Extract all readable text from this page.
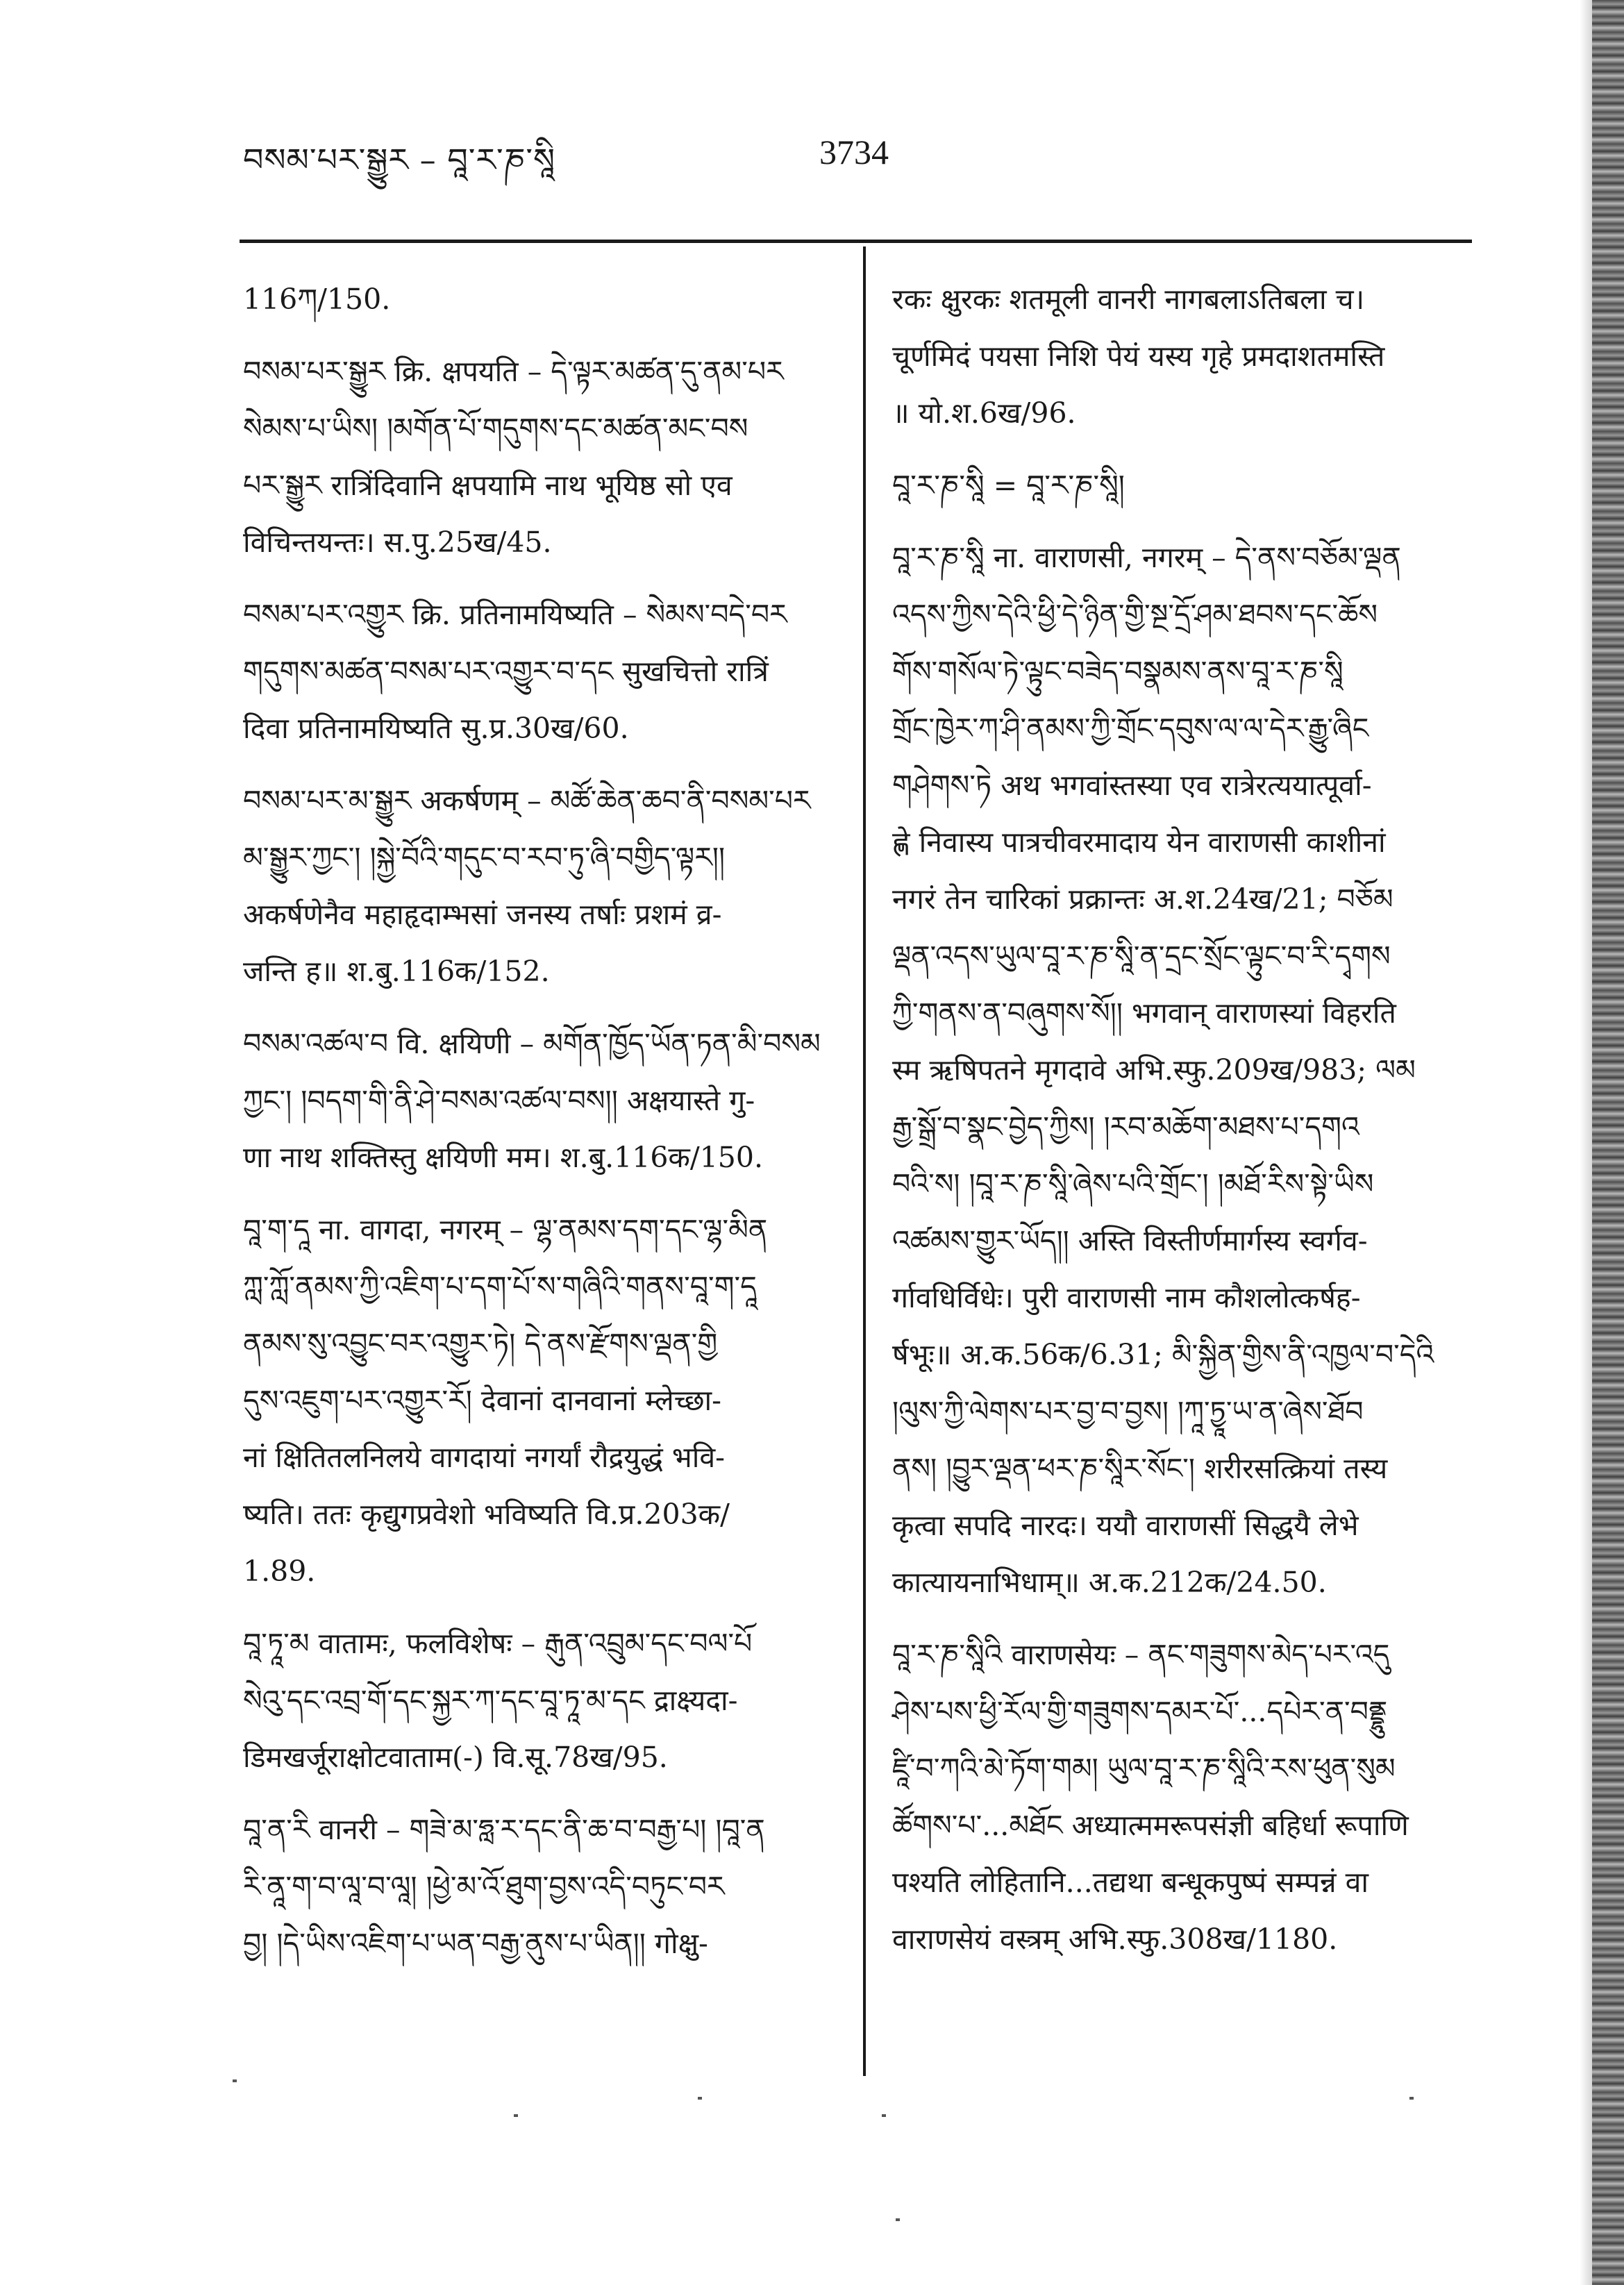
བསམ་པར་སྒྱུར – བཱ་ར་ཎ་སཱི	3734
116ཀ/150.
བསམ་པར་སྒྱུར क्रि. क्षपयति – དེ་ལྟར་མཚན་དུ་ནམ་པར
སེམས་པ་ཡིས། །མགོན་པོ་གདུགས་དང་མཚན་མང་བས
པར་སྒྱུར रात्रिंदिवानि क्षपयामि नाथ भूयिष्ठ सो एव
विचिन्तयन्तः। स.पु.25ख/45.
བསམ་པར་འགྱུར क्रि. प्रतिनामयिष्यति – སེམས་བདེ་བར
གདུགས་མཚན་བསམ་པར་འགྱུར་བ་དང सुखचित्तो रात्रिं
दिवा प्रतिनामयिष्यति सु.प्र.30ख/60.
བསམ་པར་མ་སྒྱུར अकर्षणम् – མཚོ་ཆེན་ཆབ་ནི་བསམ་པར
མ་སྒྱུར་ཀྱང་། །སྐྱེ་བོའི་གདུང་བ་རབ་ཏུ་ཞི་བགྱིད་ལྟར།།
अकर्षणेनैव महाहृदाम्भसां जनस्य तर्षाः प्रशमं व्र-
जन्ति ह॥ श.बु.116क/152.
བསམ་འཚལ་བ वि. क्षयिणी – མགོན་ཁྱོད་ཡོན་ཏན་མི་བསམ
ཀྱང་། །བདག་གི་ནི་ཤེ་བསམ་འཚལ་བས།། अक्षयास्ते गु-
णा नाथ शक्तिस्तु क्षयिणी मम। श.बु.116क/150.
བཱ་ག་དཱ ना. वागदा, नगरम् – ལྷ་ནམས་དག་དང་ལྷ་མིན
ཀླ་ཀློ་ནམས་ཀྱི་འཇིག་པ་དག་པོ་ས་གཞིའི་གནས་བཱ་ག་དཱ
ནམས་སུ་འབྱུང་བར་འགྱུར་ཏེ། དེ་ནས་རྫོགས་ལྡན་གྱི
དུས་འཇུག་པར་འགྱུར་རོ། देवानां दानवानां म्लेच्छा-
नां क्षितितलनिलये वागदायां नगर्यां रौद्रयुद्धं भवि-
ष्यति। ततः कृद्युगप्रवेशो भविष्यति वि.प्र.203क/
1.89.
བཱ་ཏཱ་མ वातामः, फलविशेषः – རྒུན་འབྲུམ་དང་བལ་པོ
སེའུ་དང་འབྲ་གོ་དང་སྐྱར་ཀ་དང་བཱ་ཏཱ་མ་དང द्राक्ष्यदा-
डिमखर्जूराक्षोटवाताम(-) वि.सू.78ख/95.
བཱ་ན་རི वानरी – གཟེ་མ་ཧླ་ར་དང་ནི་ཆ་བ་བརྒྱ་པ། །བཱ་ན
རི་ནཱ་ག་བ་ལཱ་བ་ལཱ། །ཕྱེ་མ་འོ་ཐུག་བྱས་འདི་བཏུང་བར
བྱ། །དེ་ཡིས་འཇིག་པ་ཡན་བརྒྱ་ནུས་པ་ཡིན།། गोक्षु-
रकः क्षुरकः शतमूली वानरी नागबलाऽतिबला च।
चूर्णमिदं पयसा निशि पेयं यस्य गृहे प्रमदाशतमस्ति
॥ यो.श.6ख/96.
བཱ་ར་ཎ་སཱི = བཱ་ར་ཎ་སཱི།
བཱ་ར་ཎ་སཱི ना. वाराणसी, नगरम् – དེ་ནས་བཅོམ་ལྡན
འདས་ཀྱིས་དེའི་ཕྱི་དེ་ཉིན་གྱི་སྔ་དྲོ་ཤམ་ཐབས་དང་ཆོས
གོས་གསོལ་ཏེ་ལྟུང་བཟེད་བསྣམས་ནས་བཱ་ར་ཎ་སཱི
གྲོང་ཁྱེར་ཀ་ཤི་ནམས་ཀྱི་གྲོང་དབུས་ལ་ལ་དེར་རྒྱུ་ཞིང
གཤེགས་ཏེ अथ भगवांस्तस्या एव रात्रेरत्ययात्पूर्वा-
ह्णे निवास्य पात्रचीवरमादाय येन वाराणसी काशीनां
नगरं तेन चारिकां प्रक्रान्तः अ.श.24ख/21; བཅོམ
ལྡན་འདས་ཡུལ་བཱ་ར་ཎ་སཱི་ན་དྲང་སྲོང་ལྟུང་བ་རི་དྭགས
ཀྱི་གནས་ན་བཞུགས་སོ།། भगवान् वाराणस्यां विहरति
स्म ऋषिपतने मृगदावे अभि.स्फु.209ख/983; ལམ
རྒྱ་སྒྲོ་བ་སྣང་བྱེད་ཀྱིས། །རབ་མཆོག་མཐས་པ་དགའ
བའི་ས། །བཱ་ར་ཎ་སཱི་ཞེས་པའི་གྲོང་། །མཐོ་རིས་སྟེ་ཡིས
འཚམས་གྱུར་ཡོད།། अस्ति विस्तीर्णमार्गस्य स्वर्गव-
र्गावधिर्विधेः। पुरी वाराणसी नाम कौशलोत्कर्षह-
र्षभूः॥ अ.क.56क/6.31; མི་སྐྱིན་གྱིས་ནི་འཁྱལ་བ་དེའི
།ལུས་ཀྱི་ལེགས་པར་བྱ་བ་བྱས། །ཀཱ་ཏྱཱ་ཡ་ན་ཞེས་ཐོབ
ནས། །བྱུར་ལྡན་ཕར་ཎ་སཱིར་སོང་། शरीरसत्क्रियां तस्य
कृत्वा सपदि नारदः। ययौ वाराणसीं सिद्धयै लेभे
कात्यायनाभिधाम्॥ अ.क.212क/24.50.
བཱ་ར་ཎ་སཱིའི वाराणसेयः – ནང་གཟུགས་མེད་པར་འདུ
ཤེས་པས་ཕྱི་རོལ་གྱི་གཟུགས་དམར་པོ་...དཔེར་ན་བནྡྷུ
ཛཱི་བ་ཀའི་མེ་ཏོག་གམ། ཡུལ་བཱ་ར་ཎ་སཱིའི་རས་ཕུན་སུམ
ཚོགས་པ་...མཐོང अध्यात्ममरूपसंज्ञी बहिर्धा रूपाणि
पश्यति लोहितानि...तद्यथा बन्धूकपुष्पं सम्पन्नं वा
वाराणसेयं वस्त्रम् अभि.स्फु.308ख/1180.
